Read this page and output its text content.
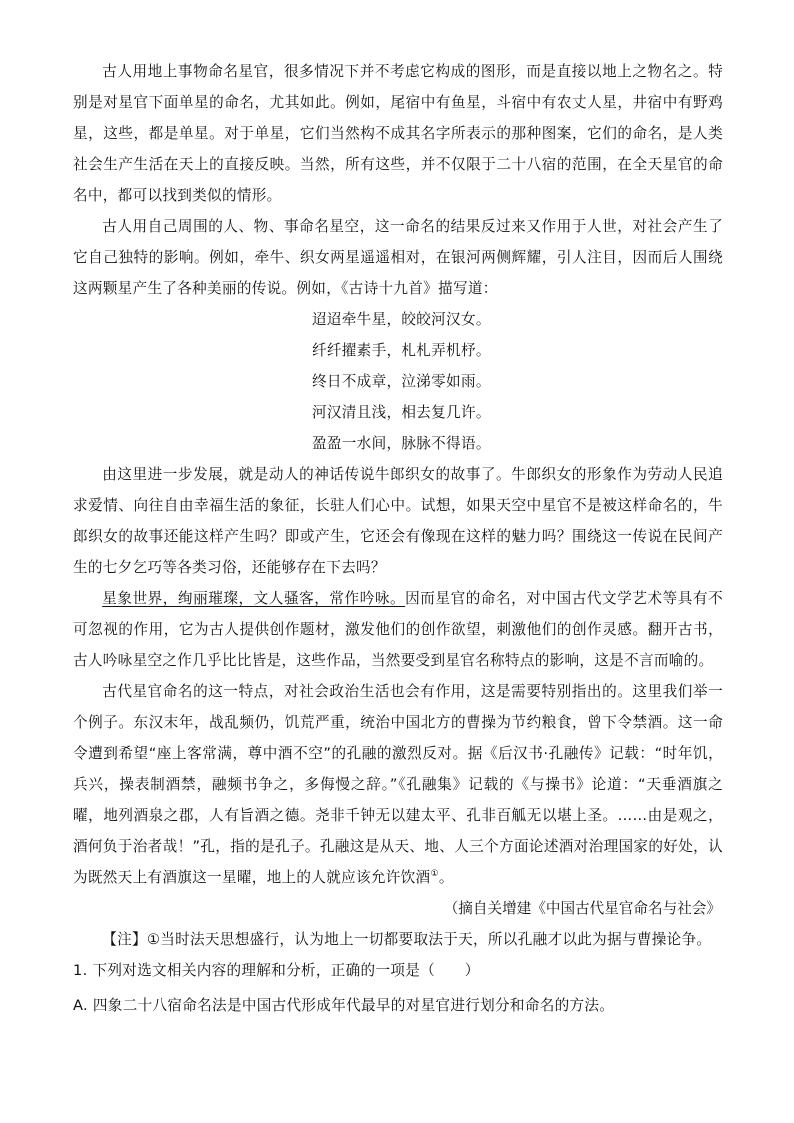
古人用地上事物命名星官，很多情况下并不考虑它构成的图形，而是直接以地上之物名之。特别是对星官下面单星的命名，尤其如此。例如，尾宿中有鱼星，斗宿中有农丈人星，井宿中有野鸡星，这些，都是单星。对于单星，它们当然构不成其名字所表示的那种图案，它们的命名，是人类社会生产生活在天上的直接反映。当然，所有这些，并不仅限于二十八宿的范围，在全天星官的命名中，都可以找到类似的情形。

古人用自己周围的人、物、事命名星空，这一命名的结果反过来又作用于人世，对社会产生了它自己独特的影响。例如，牵牛、织女两星遥遥相对，在银河两侧辉耀，引人注目，因而后人围绕这两颗星产生了各种美丽的传说。例如，《古诗十九首》描写道：

迢迢牵牛星，皎皎河汉女。

纤纤擢素手，札札弄机杼。

终日不成章，泣涕零如雨。

河汉清且浅，相去复几许。

盈盈一水间，脉脉不得语。

由这里进一步发展，就是动人的神话传说牛郎织女的故事了。牛郎织女的形象作为劳动人民追求爱情、向往自由幸福生活的象征，长驻人们心中。试想，如果天空中星官不是被这样命名的，牛郎织女的故事还能这样产生吗？即或产生，它还会有像现在这样的魅力吗？围绕这一传说在民间产生的七夕乞巧等各类习俗，还能够存在下去吗？

星象世界，绚丽璀璨，文人骚客，常作吟咏。因而星官的命名，对中国古代文学艺术等具有不可忽视的作用，它为古人提供创作题材，激发他们的创作欲望，刺激他们的创作灵感。翻开古书，古人吟咏星空之作几乎比比皆是，这些作品，当然要受到星官名称特点的影响，这是不言而喻的。

古代星官命名的这一特点，对社会政治生活也会有作用，这是需要特别指出的。这里我们举一个例子。东汉末年，战乱频仍，饥荒严重，统治中国北方的曹操为节约粮食，曾下令禁酒。这一命令遭到希望“座上客常满，尊中酒不空”的孔融的激烈反对。据《后汉书·孔融传》记载：“时年饥，兵兴，操表制酒禁，融频书争之，多侮慢之辞。”《孔融集》记载的《与操书》论道：“天垂酒旗之曜，地列酒泉之郡，人有旨酒之德。尧非千钟无以建太平、孔非百觚无以堪上圣。……由是观之，酒何负于治者哉！”孔，指的是孔子。孔融这是从天、地、人三个方面论述酒对治理国家的好处，认为既然天上有酒旗这一星曜，地上的人就应该允许饮酒①。

（摘自关增建《中国古代星官命名与社会》

【注】①当时法天思想盛行，认为地上一切都要取法于天，所以孔融才以此为据与曹操论争。

1. 下列对选文相关内容的理解和分析，正确的一项是（　　）

A. 四象二十八宿命名法是中国古代形成年代最早的对星官进行划分和命名的方法。
